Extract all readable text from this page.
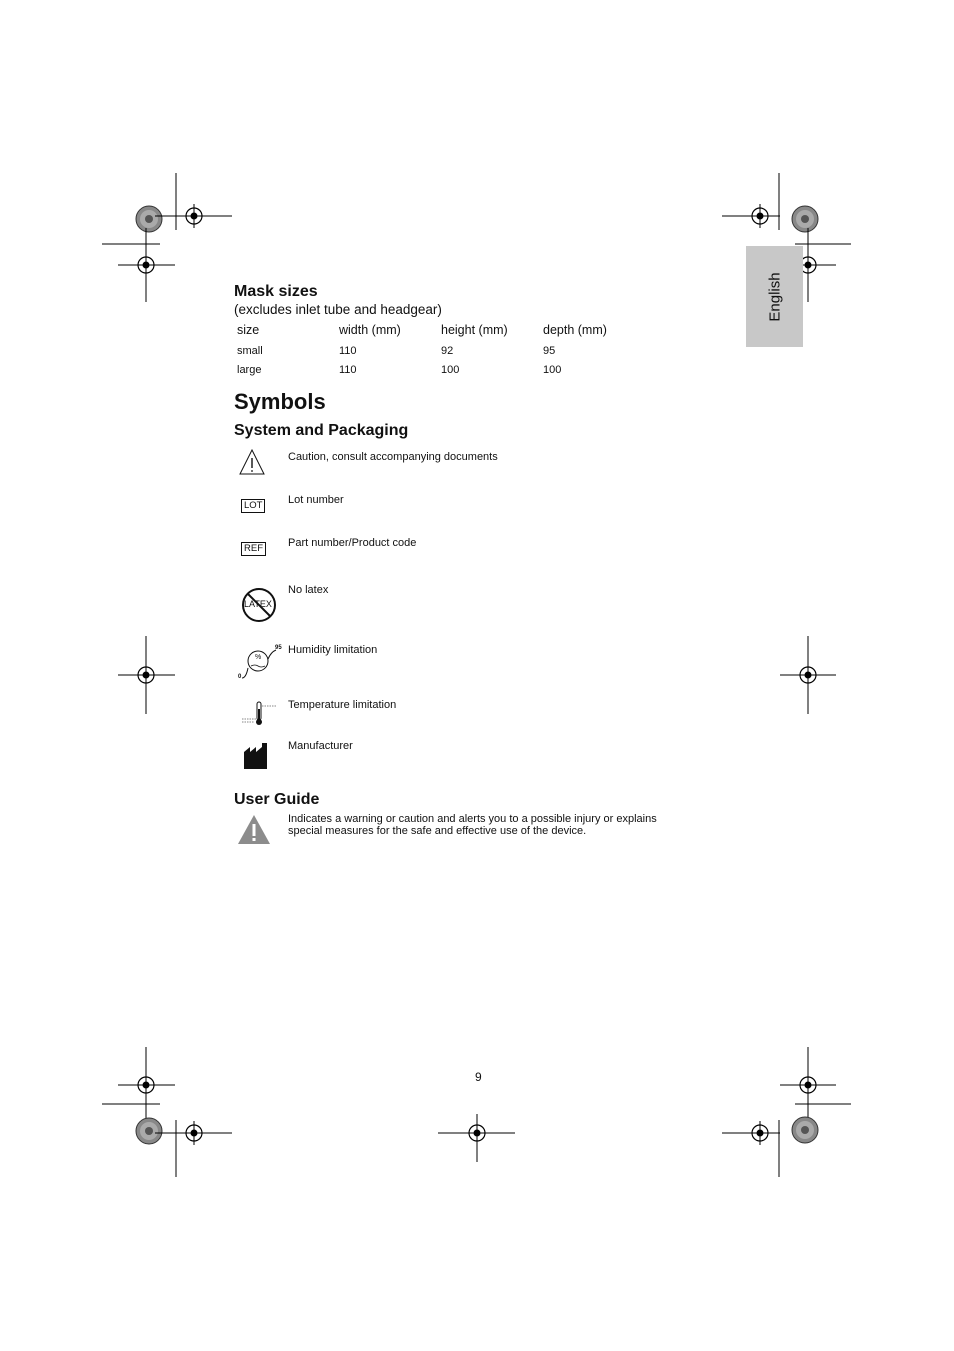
English
Mask sizes
(excludes inlet tube and headgear)
size	width (mm)	height (mm)	depth (mm)
small	110	92	95
large	110	100	100
Symbols
System and Packaging
Caution, consult accompanying documents
LOT Lot number
REF Part number/Product code
LATEX
No latex
%
95
0
Humidity limitation
Temperature limitation
Manufacturer
User Guide
Indicates a warning or caution and alerts you to a possible injury or explains special measures for the safe and effective use of the device.
9
